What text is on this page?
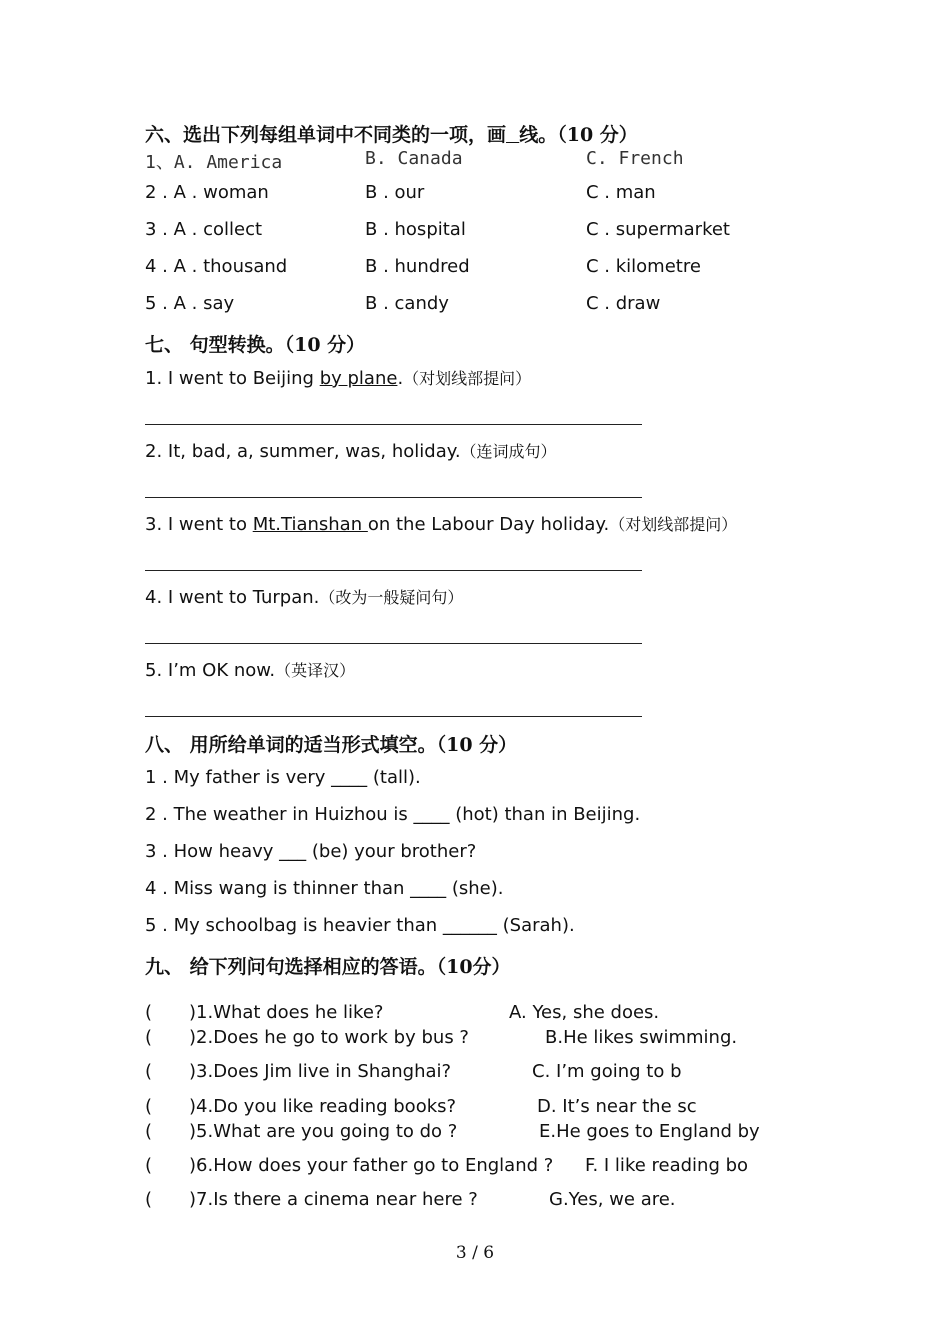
六、选出下列每组单词中不同类的一项，画 线。（10 分）
1、A. America	B. Canada	C. French
2 . A . woman	B . our	C . man
3 . A . collect	B . hospital	C . supermarket
4 . A . thousand	B . hundred	C . kilometre
5 . A . say	B . candy	C . draw
七、 句型转换。（10 分）
1. I went to Beijing by plane.（对划线部提问）
2. It, bad, a, summer, was, holiday.（连词成句）
3. I went to Mt.Tianshan on the Labour Day holiday.（对划线部提问）
4. I went to Turpan.（改为一般疑问句）
5. I’m OK now.（英译汉）
八、 用所给单词的适当形式填空。（10 分）
1 . My father is very ____ (tall).
2 . The weather in Huizhou is ____ (hot) than in Beijing.
3 . How heavy ___ (be) your brother?
4 . Miss wang is thinner than ____ (she).
5 . My schoolbag is heavier than ______ (Sarah).
九、 给下列问句选择相应的答语。（10分）
( )1.What does he like?	A. Yes, she does.
( )2.Does he go to work by bus ?	B.He likes swimming.
( )3.Does Jim live in Shanghai?	C. I’m going to b
( )4.Do you like reading books?	D. It’s near the sc
( )5.What are you going to do ?	E.He goes to England by
( )6.How does your father go to England ? F. I like reading bo
( )7.Is there a cinema near here ?	G.Yes, we are.
3 / 6
